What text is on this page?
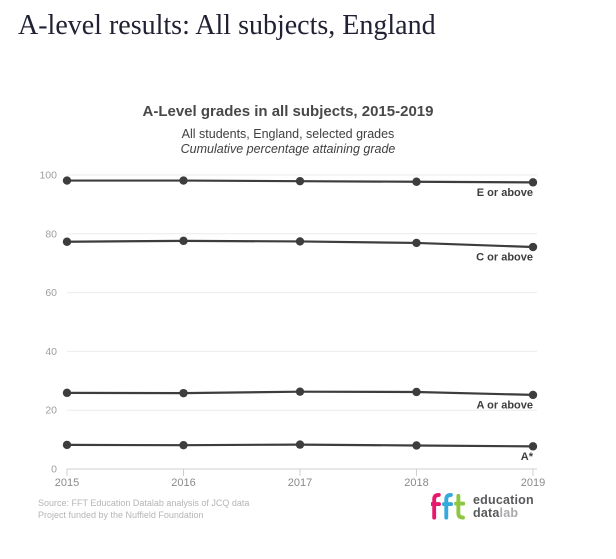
A-level results: All subjects, England
A-Level grades in all subjects, 2015-2019
All students, England, selected grades
Cumulative percentage attaining grade
100
80
60
40
20
0
2015	2016	2017	2018	2019
E or above
C or above
A or above
A*
Source: FFT Education Datalab analysis of JCQ data
Project funded by the Nuffield Foundation
education
datalab
